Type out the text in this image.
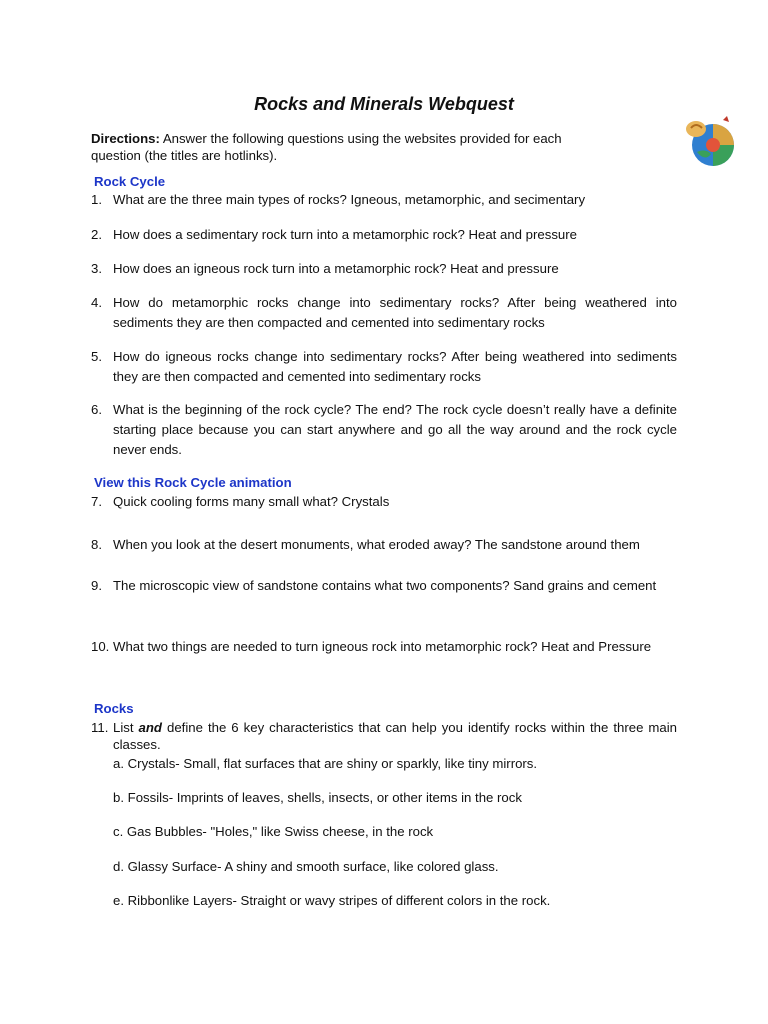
Rocks and Minerals Webquest
Directions: Answer the following questions using the websites provided for each question (the titles are hotlinks).
Rock Cycle
1. What are the three main types of rocks? Igneous, metamorphic, and secimentary
2. How does a sedimentary rock turn into a metamorphic rock? Heat and pressure
3. How does an igneous rock turn into a metamorphic rock? Heat and pressure
4. How do metamorphic rocks change into sedimentary rocks? After being weathered into sediments they are then compacted and cemented into sedimentary rocks
5. How do igneous rocks change into sedimentary rocks? After being weathered into sediments they are then compacted and cemented into sedimentary rocks
6. What is the beginning of the rock cycle? The end? The rock cycle doesn’t really have a definite starting place because you can start anywhere and go all the way around and the rock cycle never ends.
View this Rock Cycle animation
7. Quick cooling forms many small what? Crystals
8. When you look at the desert monuments, what eroded away? The sandstone around them
9. The microscopic view of sandstone contains what two components? Sand grains and cement
10. What two things are needed to turn igneous rock into metamorphic rock? Heat and Pressure
Rocks
11. List and define the 6 key characteristics that can help you identify rocks within the three main classes.
a. Crystals- Small, flat surfaces that are shiny or sparkly, like tiny mirrors.
b. Fossils- Imprints of leaves, shells, insects, or other items in the rock
c. Gas Bubbles- "Holes," like Swiss cheese, in the rock
d. Glassy Surface- A shiny and smooth surface, like colored glass.
e. Ribbonlike Layers- Straight or wavy stripes of different colors in the rock.
